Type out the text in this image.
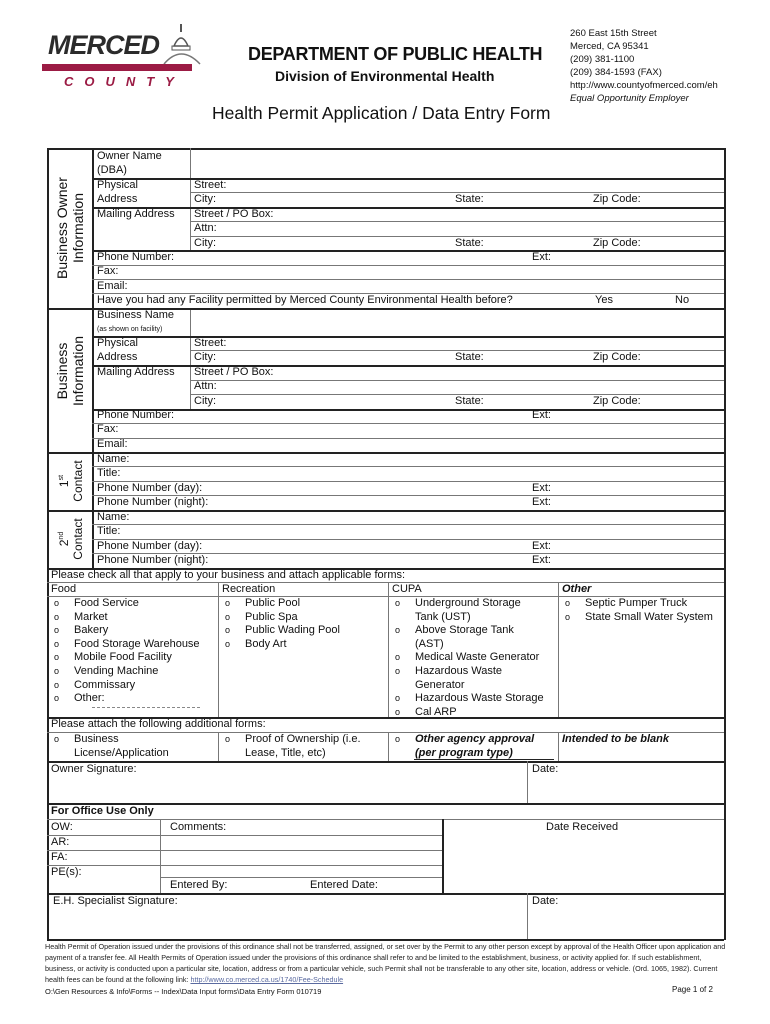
MERCED
COUNTY
DEPARTMENT OF PUBLIC HEALTH
Division of Environmental Health
260 East 15th Street
Merced, CA 95341
(209) 381-1100
(209) 384-1593 (FAX)
http://www.countyofmerced.com/eh
Equal Opportunity Employer
Health Permit Application / Data Entry Form
Business Owner Information
Business Information
1st Contact
2nd Contact
Health Permit of Operation issued under the provisions of this ordinance shall not be transferred, assigned, or set over by the Permit to any other person except by approval of the Health Officer upon application and payment of a transfer fee. All Health Permits of Operation issued under the provisions of this ordinance shall refer to and be limited to the establishment, business, or activity applied for. If such establishment, business, or activity is conducted upon a particular site, location, address or from a particular vehicle, such Permit shall not be transferable to any other site, location, address or vehicle. (Ord. 1065, 1982). Current health fees can be found at the following link: http://www.co.merced.ca.us/1740/Fee-Schedule
O:\Gen Resources & Info\Forms -- Index\Data Input forms\Data Entry Form 010719	Page 1 of 2
Owner Name
(DBA)
Physical
Address
Street:
City:	State:	Zip Code:
Mailing Address Street / PO Box:
Attn:
City:	State:	Zip Code:
Phone Number:	Ext:
Fax:
Email:
Have you had any Facility permitted by Merced County Environmental Health before?	Yes	No
Business Name
(as shown on facility)
Physical
Address
Street:
City:	State:	Zip Code:
Mailing Address Street / PO Box:
Attn:
City:	State:	Zip Code:
Phone Number:	Ext:
Fax:
Email:
Name:
Title:
Phone Number (day):	Ext:
Phone Number (night):	Ext:
Name:
Title:
Phone Number (day):	Ext:
Phone Number (night):	Ext:
Please check all that apply to your business and attach applicable forms:
Food
o	Food Service
o	Market
o	Bakery
o	Food Storage Warehouse
o	Mobile Food Facility
o	Vending Machine
o	Commissary
o	Other:
Recreation
o	Public Pool
o	Public Spa
o	Public Wading Pool
o	Body Art
CUPA
o	Underground Storage
Tank (UST)
o	Above Storage Tank
(AST)
o	Medical Waste Generator
o	Hazardous Waste
Generator
o	Hazardous Waste Storage
o	Cal ARP
Other
o	Septic Pumper Truck
o	State Small Water System
Please attach the following additional forms:
o	Business
License/Application
o	Proof of Ownership (i.e.
Lease, Title, etc)
o	Other agency approval
(per program type)
Intended to be blank
Owner Signature:	Date:
For Office Use Only
OW:
AR:
FA:
PE(s):
Comments:
Entered By:	Entered Date:
Date Received
E.H. Specialist Signature:	Date:
